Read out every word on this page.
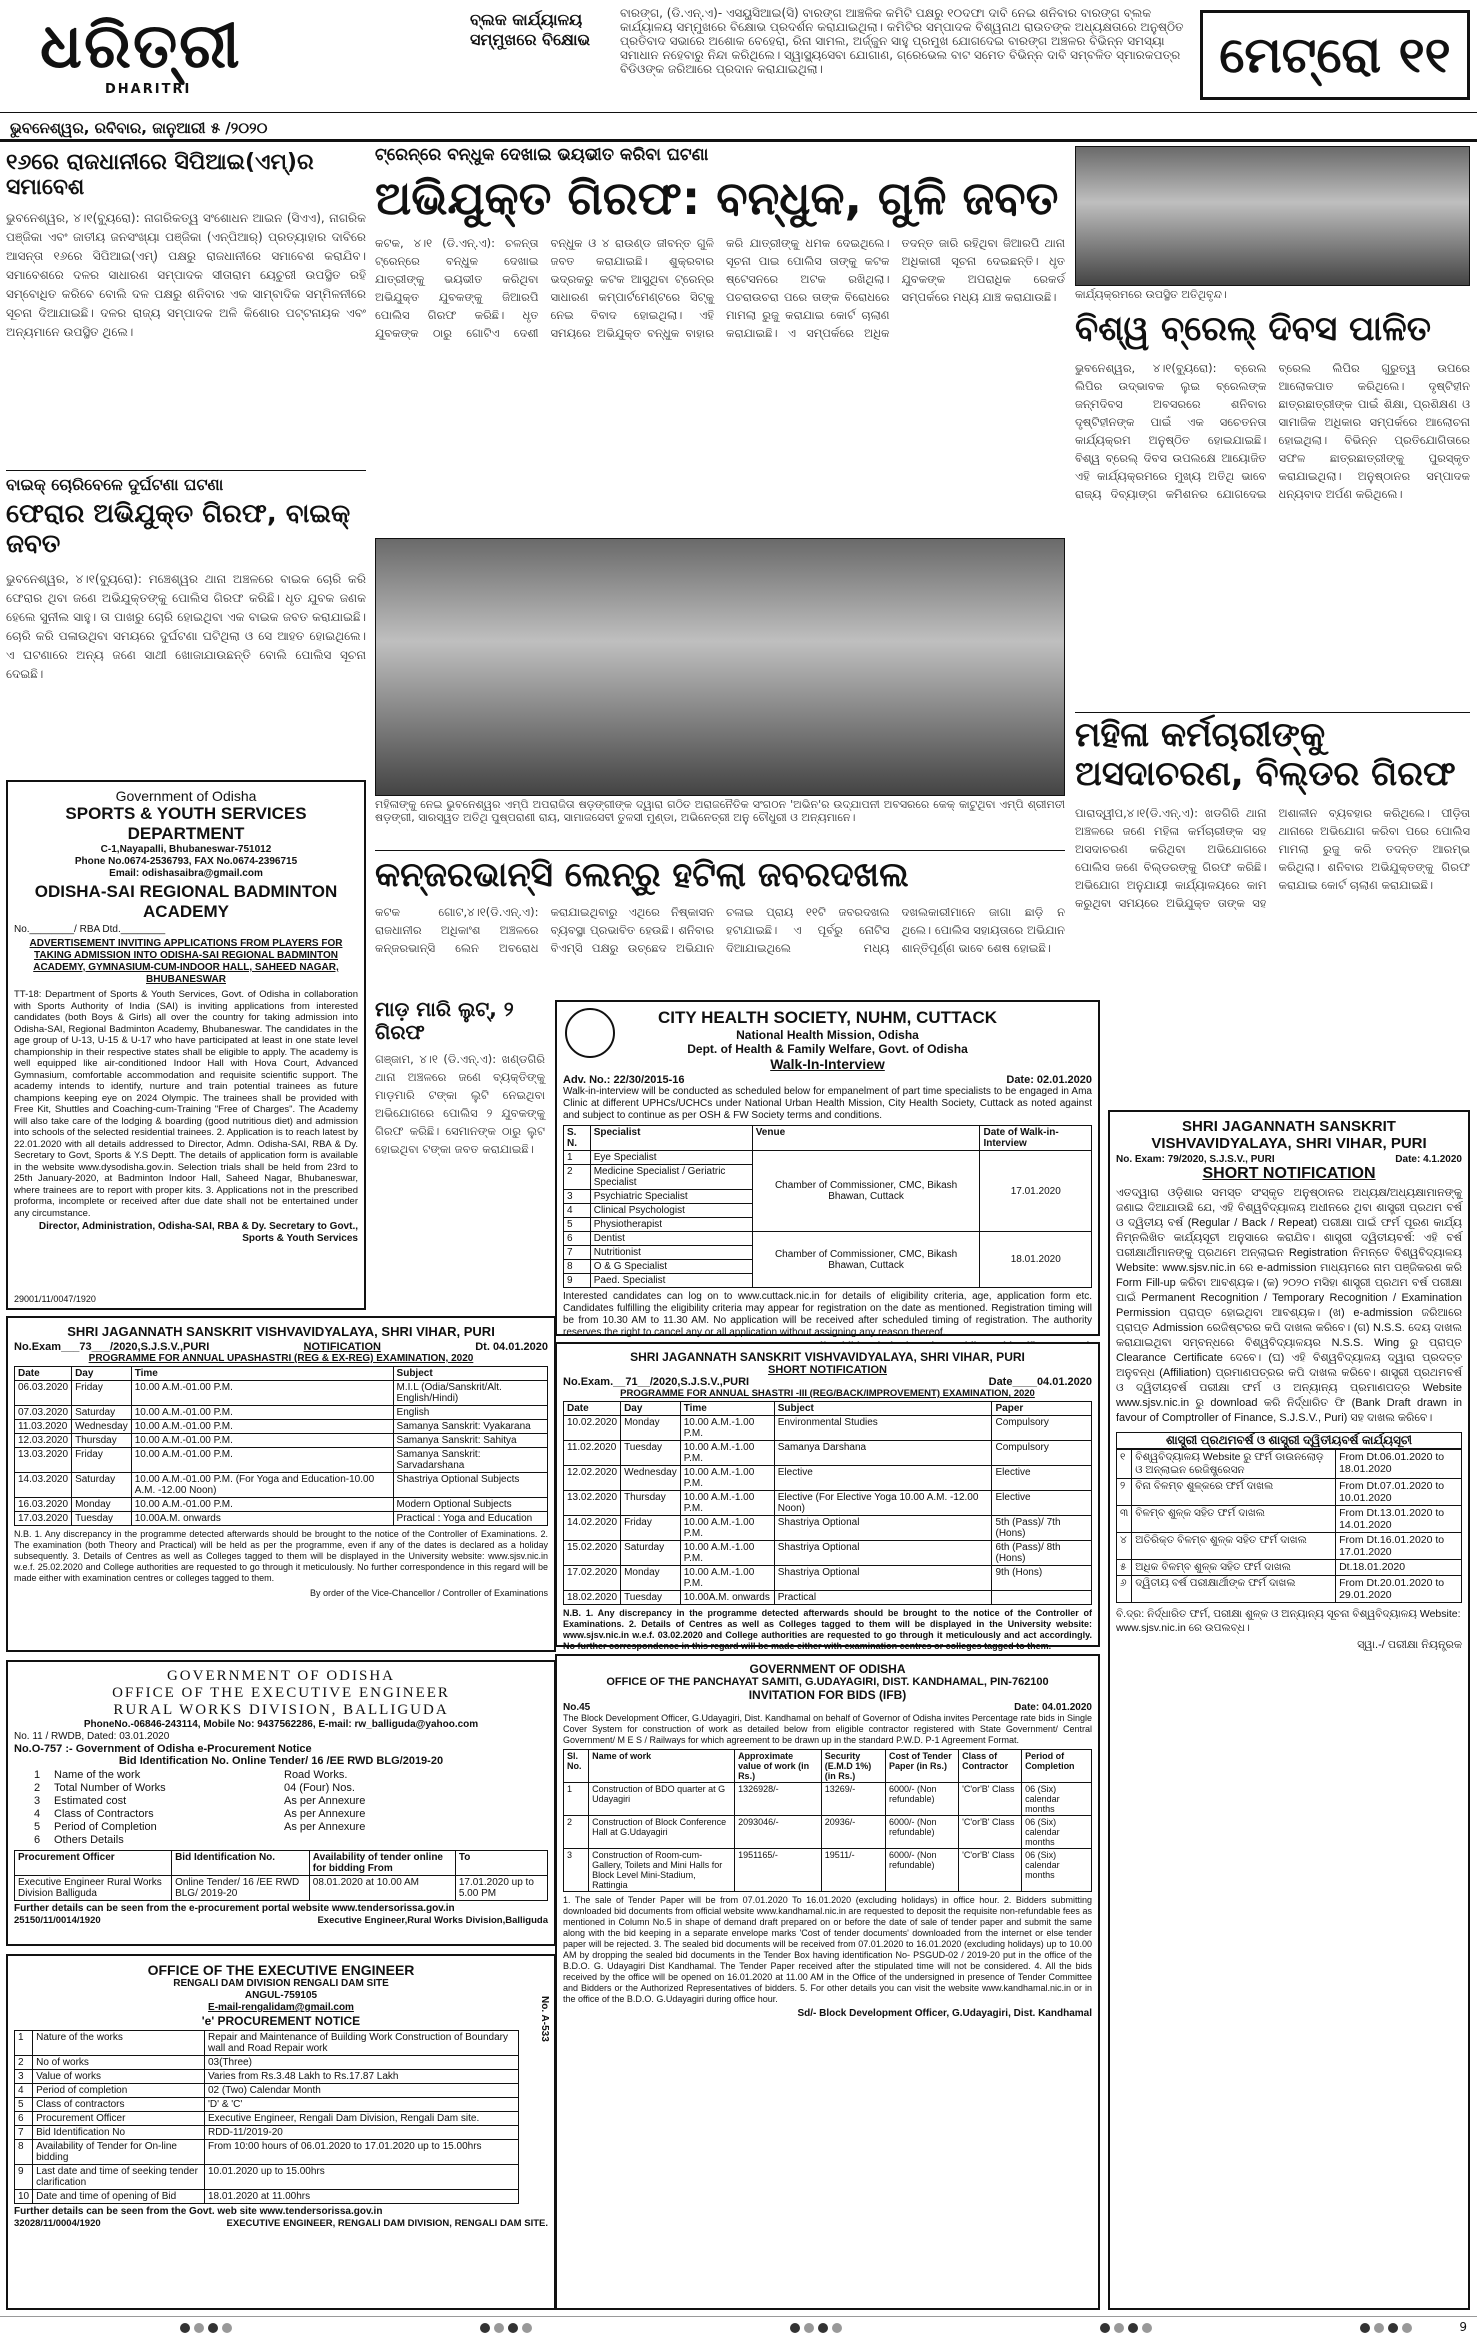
ଧରିତ୍ରୀ
DHARITRI
ବ୍ଲକ କାର୍ଯ୍ୟାଳୟ ସମ୍ମୁଖରେ ବିକ୍ଷୋଭ

ବାରଙ୍ଗ, (ଡି.ଏନ୍.ଏ)- ଏସୟୁସିଆଇ(ସି) ବାରଙ୍ଗ ଆଞ୍ଚଳିକ କମିଟି ପକ୍ଷରୁ ୧୦ଦଫା ଦାବି ନେଇ ଶନିବାର ବାରଙ୍ଗ ବ୍ଲକ କାର୍ଯ୍ୟାଳୟ ସମ୍ମୁଖରେ ବିକ୍ଷୋଭ ପ୍ରଦର୍ଶନ କରାଯାଇଥିଲା। କମିଟିର ସମ୍ପାଦକ ବିଶ୍ୱନାଥ ରାଉତଙ୍କ ଅଧ୍ୟକ୍ଷତାରେ ଅନୁଷ୍ଠିତ ପ୍ରତିବାଦ ସଭାରେ ଅଶୋକ ବେହେରା, ରିନା ସାମଲ, ଅର୍ଜ୍ଜୁନ ସାହୁ ପ୍ରମୁଖ ଯୋଗଦେଇ ବାରଙ୍ଗ ଅଞ୍ଚଳର ବିଭିନ୍ନ ସମସ୍ୟା ସମାଧାନ ନହେବାରୁ ନିନ୍ଦା କରିଥିଲେ। ସ୍ୱାସ୍ଥ୍ୟସେବା ଯୋଗାଣ, ଗ୍ରେଭେଲ ବାଟ ସମେତ ବିଭିନ୍ନ ଦାବି ସମ୍ବଳିତ ସ୍ମାରକପତ୍ର ବିଡିଓଙ୍କ ଜରିଆରେ ପ୍ରଦାନ କରାଯାଇଥିଲା।	ମେଟ୍ରୋ ୧୧
ଭୁବନେଶ୍ୱର, ରବିବାର, ଜାନୁଆରୀ ୫ /୨୦୨୦
୧୬ରେ ରାଜଧାନୀରେ ସିପିଆଇ(ଏମ୍)ର ସମାବେଶ
ଭୁବନେଶ୍ୱର, ୪।୧(ବ୍ୟୁରୋ): ନାଗରିକତ୍ୱ ସଂଶୋଧନ ଆଇନ (ସିଏଏ), ନାଗରିକ ପଞ୍ଜିକା ଏବଂ ଜାତୀୟ ଜନସଂଖ୍ୟା ପଞ୍ଜିକା (ଏନ୍‌ପିଆର୍‌) ପ୍ରତ୍ୟାହାର ଦାବିରେ ଆସନ୍ତା ୧୬ରେ ସିପିଆଇ(ଏମ୍‌) ପକ୍ଷରୁ ରାଜଧାନୀରେ ସମାବେଶ କରାଯିବ। ସମାବେଶରେ ଦଳର ସାଧାରଣ ସମ୍ପାଦକ ସୀତାରାମ ୟେଚୁରୀ ଉପସ୍ଥିତ ରହି ସମ୍ବୋଧିତ କରିବେ ବୋଲି ଦଳ ପକ୍ଷରୁ ଶନିବାର ଏକ ସାମ୍ବାଦିକ ସମ୍ମିଳନୀରେ ସୂଚନା ଦିଆଯାଇଛି। ଦଳର ରାଜ୍ୟ ସମ୍ପାଦକ ଅଳି କିଶୋର ପଟ୍ଟନାୟକ ଏବଂ ଅନ୍ୟମାନେ ଉପସ୍ଥିତ ଥିଲେ।
ବାଇକ୍ ଚୋରିବେଳେ ଦୁର୍ଘଟଣା ଘଟଣା
ଫେରାର ଅଭିଯୁକ୍ତ ଗିରଫ, ବାଇକ୍ ଜବତ
ଭୁବନେଶ୍ୱର, ୪।୧(ବ୍ୟୁରୋ): ମଞ୍ଚେଶ୍ୱର ଥାନା ଅଞ୍ଚଳରେ ବାଇକ ଚୋରି କରି ଫେରାର ଥିବା ଜଣେ ଅଭିଯୁକ୍ତଙ୍କୁ ପୋଲିସ ଗିରଫ କରିଛି। ଧୃତ ଯୁବକ ଜଣକ ହେଲେ ସୁନୀଲ ସାହୁ। ତା ପାଖରୁ ଚୋରି ହୋଇଥିବା ଏକ ବାଇକ ଜବତ କରାଯାଇଛି। ଚୋରି କରି ପଳାଉଥିବା ସମୟରେ ଦୁର୍ଘଟଣା ଘଟିଥିଲା ଓ ସେ ଆହତ ହୋଇଥିଲେ। ଏ ଘଟଣାରେ ଅନ୍ୟ ଜଣେ ସାଥୀ ଖୋଜାଯାଉଛନ୍ତି ବୋଲି ପୋଲିସ ସୂଚନା ଦେଇଛି।
Government of Odisha
SPORTS & YOUTH SERVICES DEPARTMENT
C-1,Nayapalli, Bhubaneswar-751012
Phone No.0674-2536793, FAX No.0674-2396715
Email: odishasaibra@gmail.com
ODISHA-SAI REGIONAL BADMINTON ACADEMY
No.________/ RBA Dtd.________
ADVERTISEMENT INVITING APPLICATIONS FROM PLAYERS FOR TAKING ADMISSION INTO ODISHA-SAI REGIONAL BADMINTON ACADEMY, GYMNASIUM-CUM-INDOOR HALL, SAHEED NAGAR, BHUBANESWAR
TT-18: Department of Sports & Youth Services, Govt. of Odisha in collaboration with Sports Authority of India (SAI) is inviting applications from interested candidates (both Boys & Girls) all over the country for taking admission into Odisha-SAI, Regional Badminton Academy, Bhubaneswar. The candidates in the age group of U-13, U-15 & U-17 who have participated at least in one state level championship in their respective states shall be eligible to apply. The academy is well equipped like air-conditioned Indoor Hall with Hova Court, Advanced Gymnasium, comfortable accommodation and requisite scientific support. The academy intends to identify, nurture and train potential trainees as future champions keeping eye on 2024 Olympic. The trainees shall be provided with Free Kit, Shuttles and Coaching-cum-Training "Free of Charges". The Academy will also take care of the lodging & boarding (good nutritious diet) and admission into schools of the selected residential trainees. 2. Application is to reach latest by 22.01.2020 with all details addressed to Director, Admn. Odisha-SAI, RBA & Dy. Secretary to Govt, Sports & Y.S Deptt. The details of application form is available in the website www.dysodisha.gov.in. Selection trials shall be held from 23rd to 25th January-2020, at Badminton Indoor Hall, Saheed Nagar, Bhubaneswar, where trainees are to report with proper kits. 3. Applications not in the prescribed proforma, incomplete or received after due date shall not be entertained under any circumstance.
Director, Administration, Odisha-SAI, RBA & Dy. Secretary to Govt., Sports & Youth Services
29001/11/0047/1920
SHRI JAGANNATH SANSKRIT VISHVAVIDYALAYA, SHRI VIHAR, PURI
No.Exam___73___/2020,S.J.S.V.,PURI	NOTIFICATION	Dt. 04.01.2020
PROGRAMME FOR ANNUAL UPASHASTRI (REG & EX-REG) EXAMINATION, 2020
Date	Day	Time	Subject
06.03.2020	Friday	10.00 A.M.-01.00 P.M.	M.I.L (Odia/Sanskrit/Alt. English/Hindi)
07.03.2020	Saturday	10.00 A.M.-01.00 P.M.	English
11.03.2020	Wednesday	10.00 A.M.-01.00 P.M.	Samanya Sanskrit: Vyakarana
12.03.2020	Thursday	10.00 A.M.-01.00 P.M.	Samanya Sanskrit: Sahitya
13.03.2020	Friday	10.00 A.M.-01.00 P.M.	Samanya Sanskrit: Sarvadarshana
14.03.2020	Saturday	10.00 A.M.-01.00 P.M. (For Yoga and Education-10.00 A.M. -12.00 Noon)	Shastriya Optional Subjects
16.03.2020	Monday	10.00 A.M.-01.00 P.M.	Modern Optional Subjects
17.03.2020	Tuesday	10.00A.M. onwards	Practical : Yoga and Education
N.B. 1. Any discrepancy in the programme detected afterwards should be brought to the notice of the Controller of Examinations. 2. The examination (both Theory and Practical) will be held as per the programme, even if any of the dates is declared as a holiday subsequently. 3. Details of Centres as well as Colleges tagged to them will be displayed in the University website: www.sjsv.nic.in w.e.f. 25.02.2020 and College authorities are requested to go through it meticulously. No further correspondence in this regard will be made either with examination centres or colleges tagged to them.
By order of the Vice-Chancellor / Controller of Examinations
GOVERNMENT OF ODISHA
OFFICE OF THE EXECUTIVE ENGINEER
RURAL WORKS DIVISION, BALLIGUDA
PhoneNo.-06846-243114, Mobile No: 9437562286, E-mail: rw_balliguda@yahoo.com
No. 11 / RWDB, Dated: 03.01.2020
No.O-757 :- Government of Odisha e-Procurement Notice
Bid Identification No. Online Tender/ 16 /EE RWD BLG/2019-20
1	Name of the work	Road Works.
2	Total Number of Works	04 (Four) Nos.
3	Estimated cost	As per Annexure
4	Class of Contractors	As per Annexure
5	Period of Completion	As per Annexure
6	Others Details
Procurement Officer	Bid Identification No.	Availability of tender online for bidding From	To
Executive Engineer Rural Works Division Balliguda	Online Tender/ 16 /EE RWD BLG/ 2019-20	08.01.2020 at 10.00 AM	17.01.2020 up to 5.00 PM
Further details can be seen from the e-procurement portal website www.tendersorissa.gov.in
25150/11/0014/1920	Executive Engineer,Rural Works Division,Balliguda
OFFICE OF THE EXECUTIVE ENGINEER
RENGALI DAM DIVISION RENGALI DAM SITE
ANGUL-759105
E-mail-rengalidam@gmail.com
'e' PROCUREMENT NOTICE	No. A-533
1	Nature of the works	Repair and Maintenance of Building Work Construction of Boundary wall and Road Repair work
2	No of works	03(Three)
3	Value of works	Varies from Rs.3.48 Lakh to Rs.17.87 Lakh
4	Period of completion	02 (Two) Calendar Month
5	Class of contractors	'D' & 'C'
6	Procurement Officer	Executive Engineer, Rengali Dam Division, Rengali Dam site.
7	Bid Identification No	RDD-11/2019-20
8	Availability of Tender for On-line bidding	From 10:00 hours of 06.01.2020 to 17.01.2020 up to 15.00hrs
9	Last date and time of seeking tender clarification	10.01.2020 up to 15.00hrs
10	Date and time of opening of Bid	18.01.2020 at 11.00hrs
Further details can be seen from the Govt. web site www.tendersorissa.gov.in
32028/11/0004/1920	EXECUTIVE ENGINEER, RENGALI DAM DIVISION, RENGALI DAM SITE.
ଟ୍ରେନ୍‌ରେ ବନ୍ଧୁକ ଦେଖାଇ ଭୟଭୀତ କରିବା ଘଟଣା
ଅଭିଯୁକ୍ତ ଗିରଫ: ବନ୍ଧୁକ, ଗୁଳି ଜବତ
କଟକ, ୪।୧ (ଡି.ଏନ୍.ଏ): ଚଳନ୍ତା ଟ୍ରେନ୍‌ରେ ବନ୍ଧୁକ ଦେଖାଇ ଯାତ୍ରୀଙ୍କୁ ଭୟଭୀତ କରିଥିବା ଅଭିଯୁକ୍ତ ଯୁବକଙ୍କୁ ଜିଆରପି ପୋଲିସ ଗିରଫ କରିଛି। ଧୃତ ଯୁବକଙ୍କ ଠାରୁ ଗୋଟିଏ ଦେଶୀ ବନ୍ଧୁକ ଓ ୪ ରାଉଣ୍ଡ ଜୀବନ୍ତ ଗୁଳି ଜବତ କରାଯାଇଛି। ଶୁକ୍ରବାର ଭଦ୍ରକରୁ କଟକ ଆସୁଥିବା ଟ୍ରେନ୍‌ର ସାଧାରଣ କମ୍ପାର୍ଟମେଣ୍ଟରେ ସିଟ୍‌କୁ ନେଇ ବିବାଦ ହୋଇଥିଲା। ଏହି ସମୟରେ ଅଭିଯୁକ୍ତ ବନ୍ଧୁକ ବାହାର କରି ଯାତ୍ରୀଙ୍କୁ ଧମକ ଦେଇଥିଲେ। ସୂଚନା ପାଇ ପୋଲିସ ତାଙ୍କୁ କଟକ ଷ୍ଟେସନରେ ଅଟକ ରଖିଥିଲା। ପଚରାଉଚରା ପରେ ତାଙ୍କ ବିରୋଧରେ ମାମଲା ରୁଜୁ କରାଯାଇ କୋର୍ଟ ଚାଲାଣ କରାଯାଇଛି। ଏ ସମ୍ପର୍କରେ ଅଧିକ ତଦନ୍ତ ଜାରି ରହିଥିବା ଜିଆରପି ଥାନା ଅଧିକାରୀ ସୂଚନା ଦେଇଛନ୍ତି। ଧୃତ ଯୁବକଙ୍କ ଅପରାଧିକ ରେକର୍ଡ ସମ୍ପର୍କରେ ମଧ୍ୟ ଯାଞ୍ଚ କରାଯାଉଛି।
ମହିଳାଙ୍କୁ ନେଇ ଭୁବନେଶ୍ୱର ଏମ୍‌ପି ଅପରାଜିତା ଷଡ଼ଙ୍ଗୀଙ୍କ ଦ୍ୱାରା ଗଠିତ ଅରାଜନୈତିକ ସଂଗଠନ 'ଅଭିନ'ର ଉଦ୍‌ଯାପନୀ ଅବସରରେ କେକ୍ କାଟୁଥିବା ଏମ୍‌ପି ଶ୍ରୀମତୀ ଷଡ଼ଙ୍ଗୀ, ସାରସ୍ୱତ ଅତିଥି ପୁଷ୍ପରାଣୀ ରାୟ, ସାମାଜସେବୀ ତୁଳସୀ ମୁଣ୍ଡା, ଅଭିନେତ୍ରୀ ଅନୁ ଚୌଧୁରୀ ଓ ଅନ୍ୟମାନେ।
କନ୍‌ଜରଭାନ୍‌ସି ଲେନ୍‌ରୁ ହଟିଲା ଜବରଦଖଲ
କଟକ ଗୋଟ,୪।୧(ଡି.ଏନ୍.ଏ): ରାଜଧାନୀର ଅଧିକାଂଶ ଅଞ୍ଚଳରେ କନ୍‌ଜରଭାନ୍‌ସି ଲେନ ଅବରୋଧ କରାଯାଇଥିବାରୁ ଏଥିରେ ନିଷ୍କାସନ ବ୍ୟବସ୍ଥା ପ୍ରଭାବିତ ହେଉଛି। ଶନିବାର ବିଏମ୍‌ସି ପକ୍ଷରୁ ଉଚ୍ଛେଦ ଅଭିଯାନ ଚଳାଇ ପ୍ରାୟ ୧୧ଟି ଜବରଦଖଲ ହଟାଯାଇଛି। ଏ ପୂର୍ବରୁ ନୋଟିସ ଦିଆଯାଇଥିଲେ ମଧ୍ୟ ଦଖଲକାରୀମାନେ ଜାଗା ଛାଡ଼ି ନ ଥିଲେ। ପୋଲିସ ସହାୟତାରେ ଅଭିଯାନ ଶାନ୍ତିପୂର୍ଣ୍ଣ ଭାବେ ଶେଷ ହୋଇଛି।
ମାଡ଼ ମାରି ଲୁଟ୍, ୨ ଗିରଫ
ଗଞ୍ଜାମ, ୪।୧ (ଡି.ଏନ୍.ଏ): ଖଣ୍ଡଗିରି ଥାନା ଅଞ୍ଚଳରେ ଜଣେ ବ୍ୟକ୍ତିଙ୍କୁ ମାଡ଼ମାରି ଟଙ୍କା ଲୁଟି ନେଇଥିବା ଅଭିଯୋଗରେ ପୋଲିସ ୨ ଯୁବକଙ୍କୁ ଗିରଫ କରିଛି। ସେମାନଙ୍କ ଠାରୁ ଲୁଟ ହୋଇଥିବା ଟଙ୍କା ଜବତ କରାଯାଇଛି।
CITY HEALTH SOCIETY, NUHM, CUTTACK
National Health Mission, Odisha
Dept. of Health & Family Welfare, Govt. of Odisha
Walk-In-Interview
Adv. No.: 22/30/2015-16	Date: 02.01.2020
Walk-in-interview will be conducted as scheduled below for empanelment of part time specialists to be engaged in Ama Clinic at different UPHCs/UCHCs under National Urban Health Mission, City Health Society, Cuttack as noted against and subject to continue as per OSH & FW Society terms and conditions.
S. N.	Specialist	Venue	Date of Walk-in-Interview
1	Eye Specialist	Chamber of Commissioner, CMC, Bikash Bhawan, Cuttack	17.01.2020
2	Medicine Specialist / Geriatric Specialist		
3	Psychiatric Specialist		
4	Clinical Psychologist		
5	Physiotherapist		
6	Dentist	Chamber of Commissioner, CMC, Bikash Bhawan, Cuttack	18.01.2020
7	Nutritionist		
8	O & G Specialist		
9	Paed. Specialist		
Interested candidates can log on to www.cuttack.nic.in for details of eligibility criteria, age, application form etc. Candidates fulfilling the eligibility criteria may appear for registration on the date as mentioned. Registration timing will be from 10.30 AM to 11.30 AM. No application will be received after scheduled timing of registration. The authority reserves the right to cancel any or all application without assigning any reason thereof.
SHRI JAGANNATH SANSKRIT VISHVAVIDYALAYA, SHRI VIHAR, PURI
SHORT NOTIFICATION
No.Exam.__71__/2020,S.J.S.V.,PURI	Date____04.01.2020
PROGRAMME FOR ANNUAL SHASTRI -III (REG/BACK/IMPROVEMENT) EXAMINATION, 2020
Date	Day	Time	Subject	Paper
10.02.2020	Monday	10.00 A.M.-1.00 P.M.	Environmental Studies	Compulsory
11.02.2020	Tuesday	10.00 A.M.-1.00 P.M.	Samanya Darshana	Compulsory
12.02.2020	Wednesday	10.00 A.M.-1.00 P.M.	Elective	Elective
13.02.2020	Thursday	10.00 A.M.-1.00 P.M.	Elective (For Elective Yoga 10.00 A.M. -12.00 Noon)	Elective
14.02.2020	Friday	10.00 A.M.-1.00 P.M.	Shastriya Optional	5th (Pass)/ 7th (Hons)
15.02.2020	Saturday	10.00 A.M.-1.00 P.M.	Shastriya Optional	6th (Pass)/ 8th (Hons)
17.02.2020	Monday	10.00 A.M.-1.00 P.M.	Shastriya Optional	9th (Hons)
18.02.2020	Tuesday	10.00A.M. onwards	Practical	
N.B. 1. Any discrepancy in the programme detected afterwards should be brought to the notice of the Controller of Examinations. 2. Details of Centres as well as Colleges tagged to them will be displayed in the University website: www.sjsv.nic.in w.e.f. 03.02.2020 and College authorities are requested to go through it meticulously and act accordingly. No further correspondence in this regard will be made either with examination centres or colleges tagged to them.
GOVERNMENT OF ODISHA
OFFICE OF THE PANCHAYAT SAMITI, G.UDAYAGIRI, DIST. KANDHAMAL, PIN-762100
INVITATION FOR BIDS (IFB)
No.45	Date: 04.01.2020
The Block Development Officer, G.Udayagiri, Dist. Kandhamal on behalf of Governor of Odisha invites Percentage rate bids in Single Cover System for construction of work as detailed below from eligible contractor registered with State Government/ Central Government/ M E S / Railways for which agreement to be drawn up in the standard P.W.D. P-1 Agreement Format.
Sl. No.	Name of work	Approximate value of work (in Rs.)	Security (E.M.D 1%) (in Rs.)	Cost of Tender Paper (in Rs.)	Class of Contractor	Period of Completion
1	Construction of BDO quarter at G Udayagiri	1326928/-	13269/-	6000/- (Non refundable)	'C'or'B' Class	06 (Six) calendar months
2	Construction of Block Conference Hall at G.Udayagiri	2093046/-	20936/-	6000/- (Non refundable)	'C'or'B' Class	06 (Six) calendar months
3	Construction of Room-cum-Gallery, Toilets and Mini Halls for Block Level Mini-Stadium, Rattingia	1951165/-	19511/-	6000/- (Non refundable)	'C'or'B' Class	06 (Six) calendar months
1. The sale of Tender Paper will be from 07.01.2020 To 16.01.2020 (excluding holidays) in office hour. 2. Bidders submitting downloaded bid documents from official website www.kandhamal.nic.in are requested to deposit the requisite non-refundable fees as mentioned in Column No.5 in shape of demand draft prepared on or before the date of sale of tender paper and submit the same along with the bid keeping in a separate envelope marks 'Cost of tender documents' downloaded from the internet or else tender paper will be rejected. 3. The sealed bid documents will be received from 07.01.2020 to 16.01.2020 (excluding holidays) up to 10.00 AM by dropping the sealed bid documents in the Tender Box having identification No- PSGUD-02 / 2019-20 put in the office of the B.D.O. G. Udayagiri Dist Kandhamal. The Tender Paper received after the stipulated time will not be considered. 4. All the bids received by the office will be opened on 16.01.2020 at 11.00 AM in the Office of the undersigned in presence of Tender Committee and Bidders or the Authorized Representatives of bidders. 5. For other details you can visit the website www.kandhamal.nic.in or in the office of the B.D.O. G.Udayagiri during office hour.
Sd/- Block Development Officer, G.Udayagiri, Dist. Kandhamal
କାର୍ଯ୍ୟକ୍ରମରେ ଉପସ୍ଥିତ ଅତିଥିବୃନ୍ଦ।
ବିଶ୍ୱ ବ୍ରେଲ୍ ଦିବସ ପାଳିତ
ଭୁବନେଶ୍ୱର, ୪।୧(ବ୍ୟୁରୋ): ବ୍ରେଲ ଲିପିର ଉଦ୍ଭାବକ ଲୁଇ ବ୍ରେଲଙ୍କ ଜନ୍ମଦିବସ ଅବସରରେ ଶନିବାର ଦୃଷ୍ଟିହୀନଙ୍କ ପାଇଁ ଏକ ସଚେତନତା କାର୍ଯ୍ୟକ୍ରମ ଅନୁଷ୍ଠିତ ହୋଇଯାଇଛି। ବିଶ୍ୱ ବ୍ରେଲ୍ ଦିବସ ଉପଲକ୍ଷେ ଆୟୋଜିତ ଏହି କାର୍ଯ୍ୟକ୍ରମରେ ମୁଖ୍ୟ ଅତିଥି ଭାବେ ରାଜ୍ୟ ଦିବ୍ୟାଙ୍ଗ କମିଶନର ଯୋଗଦେଇ ବ୍ରେଲ ଲିପିର ଗୁରୁତ୍ୱ ଉପରେ ଆଲୋକପାତ କରିଥିଲେ। ଦୃଷ୍ଟିହୀନ ଛାତ୍ରଛାତ୍ରୀଙ୍କ ପାଇଁ ଶିକ୍ଷା, ପ୍ରଶିକ୍ଷଣ ଓ ସାମାଜିକ ଅଧିକାର ସମ୍ପର୍କରେ ଆଲୋଚନା ହୋଇଥିଲା। ବିଭିନ୍ନ ପ୍ରତିଯୋଗିତାରେ ସଫଳ ଛାତ୍ରଛାତ୍ରୀଙ୍କୁ ପୁରସ୍କୃତ କରାଯାଇଥିଲା। ଅନୁଷ୍ଠାନର ସମ୍ପାଦକ ଧନ୍ୟବାଦ ଅର୍ପଣ କରିଥିଲେ।
ମହିଳା କର୍ମଚାରୀଙ୍କୁ ଅସଦାଚରଣ, ବିଲ୍ଡର ଗିରଫ
ପାରାଦ୍ୱୀପ,୪।୧(ଡି.ଏନ୍.ଏ): ଖଡଗିରି ଥାନା ଅଞ୍ଚଳରେ ଜଣେ ମହିଳା କର୍ମଚାରୀଙ୍କ ସହ ଅସଦାଚରଣ କରିଥିବା ଅଭିଯୋଗରେ ପୋଲିସ ଜଣେ ବିଲ୍ଡରଙ୍କୁ ଗିରଫ କରିଛି। ଅଭିଯୋଗ ଅନୁଯାୟୀ କାର୍ଯ୍ୟାଳୟରେ କାମ କରୁଥିବା ସମୟରେ ଅଭିଯୁକ୍ତ ତାଙ୍କ ସହ ଅଶାଳୀନ ବ୍ୟବହାର କରିଥିଲେ। ପୀଡ଼ିତା ଥାନାରେ ଅଭିଯୋଗ କରିବା ପରେ ପୋଲିସ ମାମଲା ରୁଜୁ କରି ତଦନ୍ତ ଆରମ୍ଭ କରିଥିଲା। ଶନିବାର ଅଭିଯୁକ୍ତଙ୍କୁ ଗିରଫ କରାଯାଇ କୋର୍ଟ ଚାଲାଣ କରାଯାଇଛି।
SHRI JAGANNATH SANSKRIT VISHVAVIDYALAYA, SHRI VIHAR, PURI
No. Exam: 79/2020, S.J.S.V., PURI	Date: 4.1.2020
SHORT NOTIFICATION
ଏତଦ୍ୱାରା ଓଡ଼ିଶାର ସମସ୍ତ ସଂସ୍କୃତ ଅନୁଷ୍ଠାନର ଅଧ୍ୟକ୍ଷ/ଅଧ୍ୟକ୍ଷାମାନଙ୍କୁ ଜଣାଇ ଦିଆଯାଉଛି ଯେ, ଏହି ବିଶ୍ୱବିଦ୍ୟାଳୟ ଅଧୀନରେ ଥିବା ଶାସ୍ତ୍ରୀ ପ୍ରଥମ ବର୍ଷ ଓ ଦ୍ୱିତୀୟ ବର୍ଷ (Regular / Back / Repeat) ପରୀକ୍ଷା ପାଇଁ ଫର୍ମ ପୂରଣ କାର୍ଯ୍ୟ ନିମ୍ନଲିଖିତ କାର୍ଯ୍ୟସୂଚୀ ଅନୁସାରେ କରାଯିବ। ଶାସ୍ତ୍ରୀ ଦ୍ୱିତୀୟବର୍ଷ: ଏହି ବର୍ଷ ପରୀକ୍ଷାର୍ଥୀମାନଙ୍କୁ ପ୍ରଥମେ ଅନ୍‌ଲାଇନ Registration ନିମନ୍ତେ ବିଶ୍ୱବିଦ୍ୟାଳୟ Website: www.sjsv.nic.in ରେ e-admission ମାଧ୍ୟମରେ ନାମ ପଞ୍ଜିକରଣ କରି Form Fill-up କରିବା ଆବଶ୍ୟକ। (କ) ୨୦୨୦ ମସିହା ଶାସ୍ତ୍ରୀ ପ୍ରଥମ ବର୍ଷ ପରୀକ୍ଷା ପାଇଁ Permanent Recognition / Temporary Recognition / Examination Permission ପ୍ରାପ୍ତ ହୋଇଥିବା ଆବଶ୍ୟକ। (ଖ) e-admission ଜରିଆରେ ପ୍ରାପ୍ତ Admission ରେଜିଷ୍ଟରର କପି ଦାଖଲ କରିବେ। (ଗ) N.S.S. ଦେୟ ଦାଖଲ କରାଯାଇଥିବା ସମ୍ବନ୍ଧରେ ବିଶ୍ୱବିଦ୍ୟାଳୟର N.S.S. Wing ରୁ ପ୍ରାପ୍ତ Clearance Certificate ଦେବେ। (ଘ) ଏହି ବିଶ୍ୱବିଦ୍ୟାଳୟ ଦ୍ୱାରା ପ୍ରଦତ୍ତ ଅନୁବନ୍ଧ (Affiliation) ପ୍ରମାଣପତ୍ରର କପି ଦାଖଲ କରିବେ। ଶାସ୍ତ୍ରୀ ପ୍ରଥମବର୍ଷ ଓ ଦ୍ୱିତୀୟବର୍ଷ ପରୀକ୍ଷା ଫର୍ମ ଓ ଅନ୍ୟାନ୍ୟ ପ୍ରମାଣପତ୍ର Website www.sjsv.nic.in ରୁ download କରି ନିର୍ଦ୍ଧାରିତ ଫି (Bank Draft drawn in favour of Comptroller of Finance, S.J.S.V., Puri) ସହ ଦାଖଲ କରିବେ।
ଶାସ୍ତ୍ରୀ ପ୍ରଥମବର୍ଷ ଓ ଶାସ୍ତ୍ରୀ ଦ୍ୱିତୀୟବର୍ଷ କାର୍ଯ୍ୟସୂଚୀ
୧	ବିଶ୍ୱବିଦ୍ୟାଳୟ Website ରୁ ଫର୍ମ ଡାଉନଲୋଡ଼ ଓ ଅନ୍‌ଲାଇନ ରେଜିଷ୍ଟ୍ରେସନ	From Dt.06.01.2020 to 18.01.2020
୨	ବିନା ବିଳମ୍ବ ଶୁଳ୍କରେ ଫର୍ମ ଦାଖଲ	From Dt.07.01.2020 to 10.01.2020
୩	ବିଳମ୍ବ ଶୁଳ୍କ ସହିତ ଫର୍ମ ଦାଖଲ	From Dt.13.01.2020 to 14.01.2020
୪	ଅତିରିକ୍ତ ବିଳମ୍ବ ଶୁଳ୍କ ସହିତ ଫର୍ମ ଦାଖଲ	From Dt.16.01.2020 to 17.01.2020
୫	ଅଧିକ ବିଳମ୍ବ ଶୁଳ୍କ ସହିତ ଫର୍ମ ଦାଖଲ	Dt.18.01.2020
୬	ଦ୍ୱିତୀୟ ବର୍ଷ ପରୀକ୍ଷାର୍ଥୀଙ୍କ ଫର୍ମ ଦାଖଲ	From Dt.20.01.2020 to 29.01.2020
ବି.ଦ୍ର: ନିର୍ଦ୍ଧାରିତ ଫର୍ମ, ପରୀକ୍ଷା ଶୁଳ୍କ ଓ ଅନ୍ୟାନ୍ୟ ସୂଚନା ବିଶ୍ୱବିଦ୍ୟାଳୟ Website: www.sjsv.nic.in ରେ ଉପଲବ୍ଧ।
ସ୍ୱା.-/ ପରୀକ୍ଷା ନିୟନ୍ତ୍ରକ
9
